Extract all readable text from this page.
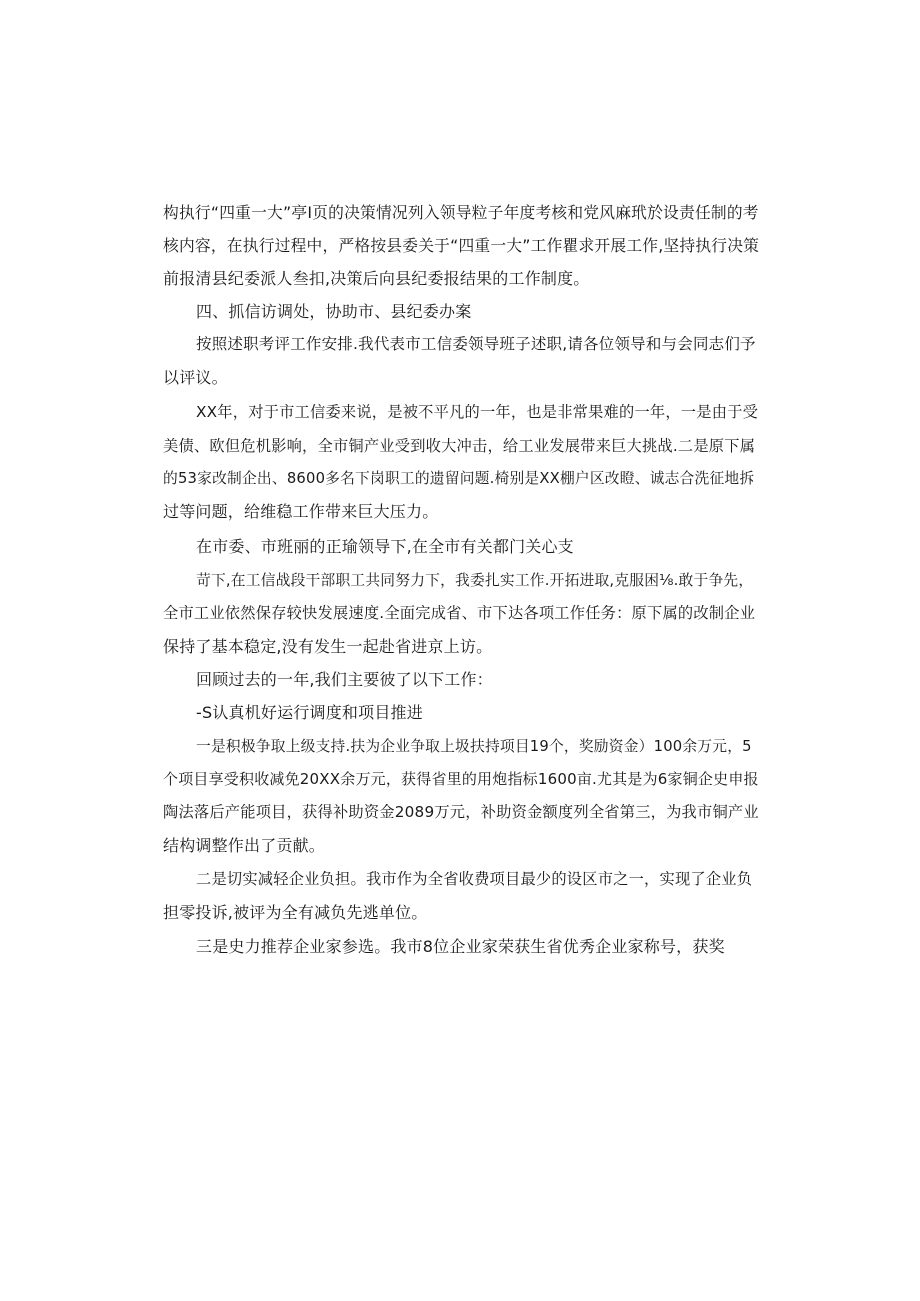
构执行“四重一大”亭I页的决策情况列入领导粒子年度考核和党风麻玳於设责任制的考
核内容，在执行过程中，严格按县委关于“四重一大”工作瞿求开展工作,坚持执行决策
前报清县纪委派人叁扣,决策后向县纪委报结果的工作制度。
四、抓信访调处，协助市、县纪委办案
按照述职考评工作安排.我代表市工信委领导班子述职,请各位领导和与会同志们予
以评议。
XX年，对于市工信委来说，是被不平凡的一年，也是非常果难的一年，一是由于受
美债、欧但危机影响，全市铜产业受到收大冲击，给工业发展带来巨大挑战.二是原下属
的53家改制企出、8600多名下岗职工的遗留问题.椅别是XX棚户区改瞪、诚志合洗征地拆
过等问题，给维稳工作带来巨大压力。
在市委、市班丽的正瑜领导下,在全市有关都门关心支
苛下,在工信战段干部职工共同努力下，我委扎实工作.开拓进取,克服困⅛.敢于争先，
全市工业依然保存较快发展速度.全面完成省、市下达各项工作任务：原下属的改制企业
保持了基本稳定,没有发生一起赴省进京上访。
回顾过去的一年,我们主要彼了以下工作：
-S认真机好运行调度和项目推进
一是积极争取上级支持.扶为企业争取上圾扶持项目19个，奖励资金）100余万元，5
个项目享受积收减免20XX余万元，获得省里的用炮指标1600亩.尤其是为6家铜企史申报
陶法落后产能项目，获得补助资金2089万元，补助资金额度列全省第三，为我市铜产业
结构调整作出了贡献。
二是切实减轻企业负担。我市作为全省收费项目最少的设区市之一，实现了企业负
担零投诉,被评为全有减负先逃单位。
三是史力推荐企业家参选。我市8位企业家荣获生省优秀企业家称号，获奖
